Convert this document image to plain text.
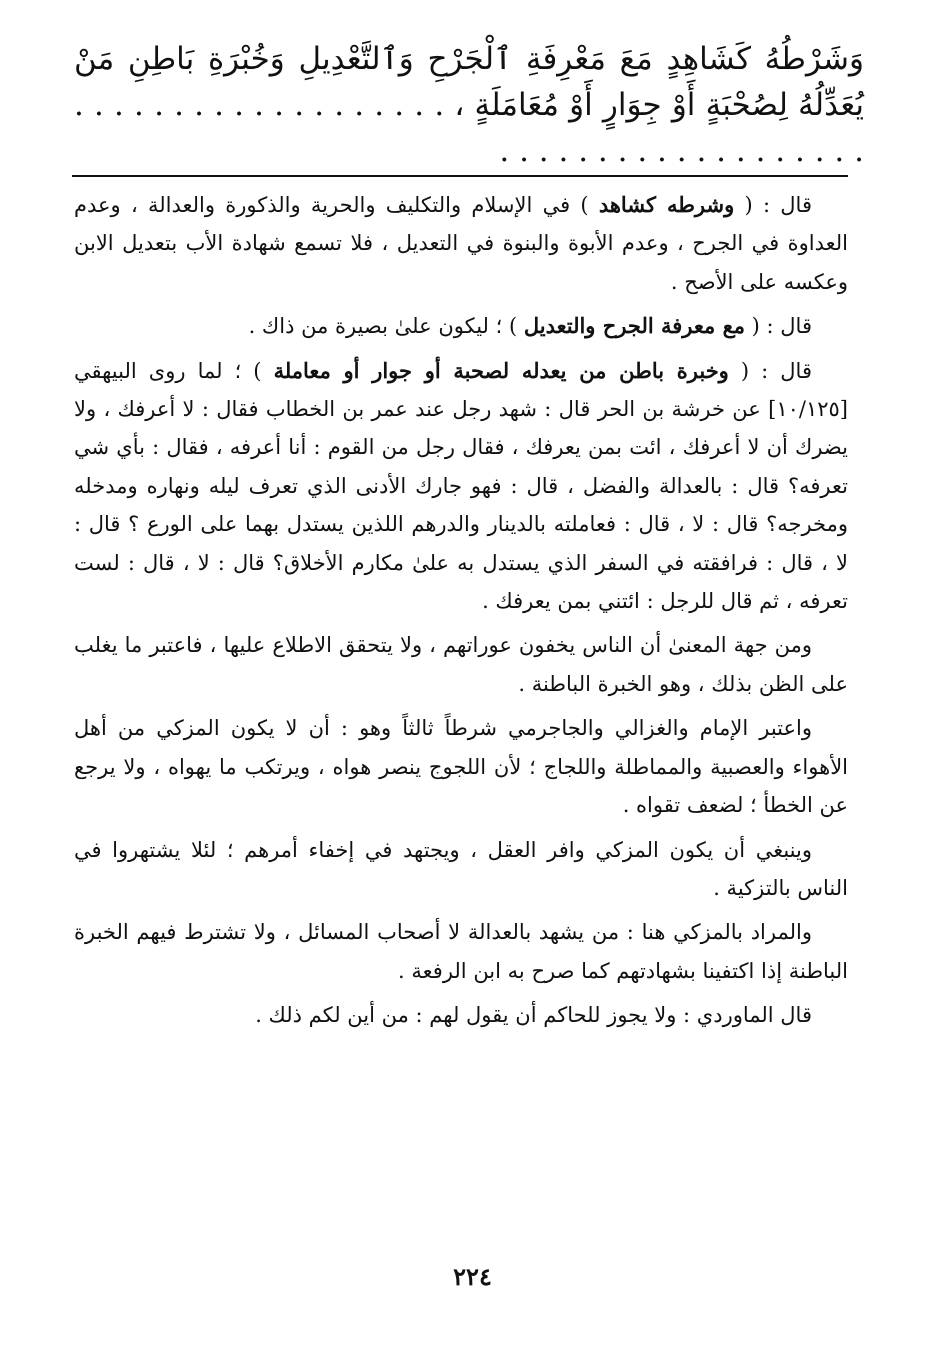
وَشَرْطُهُ كَشَاهِدٍ مَعَ مَعْرِفَةِ ٱلْجَرْحِ وَٱلتَّعْدِيلِ وَخُبْرَةِ بَاطِنِ مَنْ يُعَدِّلُهُ لِصُحْبَةٍ أَوْ جِوَارٍ أَوْ مُعَامَلَةٍ ، . . . . . . . . . . . . . . . . . . . . . . . . . . . . . . . . . . . . . .

قال : ( وشرطه كشاهد ) في الإسلام والتكليف والحرية والذكورة والعدالة ، وعدم العداوة في الجرح ، وعدم الأبوة والبنوة في التعديل ، فلا تسمع شهادة الأب بتعديل الابن وعكسه على الأصح .

قال : ( مع معرفة الجرح والتعديل ) ؛ ليكون علىٰ بصيرة من ذاك .

قال : ( وخبرة باطن من يعدله لصحبة أو جوار أو معاملة ) ؛ لما روى البيهقي [١٠/١٢٥] عن خرشة بن الحر قال : شهد رجل عند عمر بن الخطاب فقال : لا أعرفك ، ولا يضرك أن لا أعرفك ، ائت بمن يعرفك ، فقال رجل من القوم : أنا أعرفه ، فقال : بأي شي تعرفه؟ قال : بالعدالة والفضل ، قال : فهو جارك الأدنى الذي تعرف ليله ونهاره ومدخله ومخرجه؟ قال : لا ، قال : فعاملته بالدينار والدرهم اللذين يستدل بهما على الورع ؟ قال : لا ، قال : فرافقته في السفر الذي يستدل به علىٰ مكارم الأخلاق؟ قال : لا ، قال : لست تعرفه ، ثم قال للرجل : ائتني بمن يعرفك .

ومن جهة المعنىٰ أن الناس يخفون عوراتهم ، ولا يتحقق الاطلاع عليها ، فاعتبر ما يغلب على الظن بذلك ، وهو الخبرة الباطنة .

واعتبر الإمام والغزالي والجاجرمي شرطاً ثالثاً وهو : أن لا يكون المزكي من أهل الأهواء والعصبية والمماطلة واللجاج ؛ لأن اللجوج ينصر هواه ، ويرتكب ما يهواه ، ولا يرجع عن الخطأ ؛ لضعف تقواه .

وينبغي أن يكون المزكي وافر العقل ، ويجتهد في إخفاء أمرهم ؛ لئلا يشتهروا في الناس بالتزكية .

والمراد بالمزكي هنا : من يشهد بالعدالة لا أصحاب المسائل ، ولا تشترط فيهم الخبرة الباطنة إذا اكتفينا بشهادتهم كما صرح به ابن الرفعة .

قال الماوردي : ولا يجوز للحاكم أن يقول لهم : من أين لكم ذلك .

٢٢٤
